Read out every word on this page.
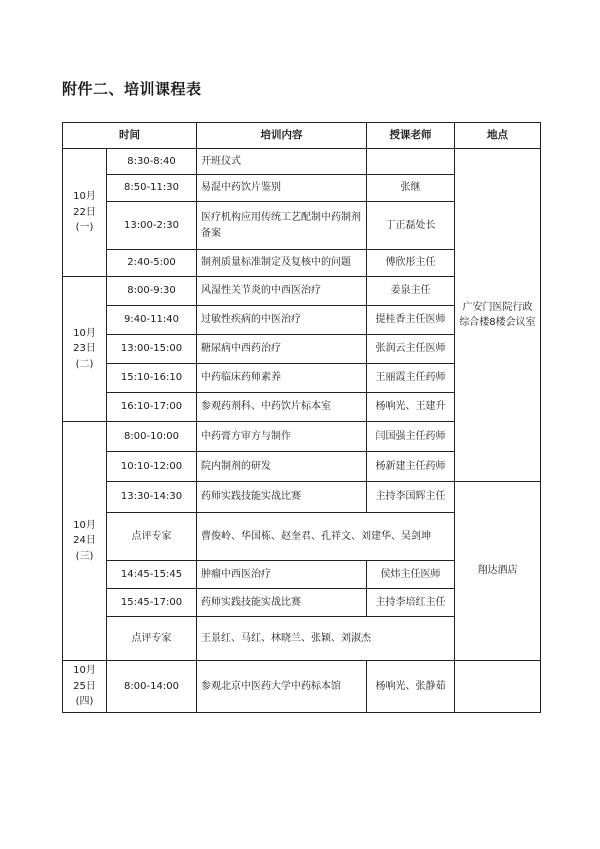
附件二、培训课程表
时间		培训内容	授课老师	地点
10月22日(一)	8:30-8:40	开班仪式		广安门医院行政综合楼8楼会议室
	8:50-11:30	易混中药饮片鉴别	张继	
	13:00-2:30	医疗机构应用传统工艺配制中药制剂备案	丁正磊处长	
	2:40-5:00	制剂质量标准制定及复核中的问题	傅欣彤主任	
10月23日(二)	8:00-9:30	风湿性关节炎的中西医治疗	姜泉主任	
	9:40-11:40	过敏性疾病的中医治疗	提桂香主任医师	
	13:00-15:00	糖尿病中西药治疗	张润云主任医师	
	15:10-16:10	中药临床药师素养	王丽霞主任药师	
	16:10-17:00	参观药剂科、中药饮片标本室	杨响光、王建升	
10月24日(三)	8:00-10:00	中药膏方审方与制作	闫国强主任药师	
	10:10-12:00	院内制剂的研发	杨新建主任药师	
	13:30-14:30	药师实践技能实战比赛	主持李国辉主任	翔达酒店
	点评专家	曹俊岭、华国栋、赵奎君、孔祥文、刘建华、吴剑坤		
	14:45-15:45	肿瘤中西医治疗	侯炜主任医师	
	15:45-17:00	药师实践技能实战比赛	主持李培红主任	
	点评专家	王景红、马红、林晓兰、张颖、刘淑杰		
10月25日(四)	8:00-14:00	参观北京中医药大学中药标本馆	杨响光、张静茹	
